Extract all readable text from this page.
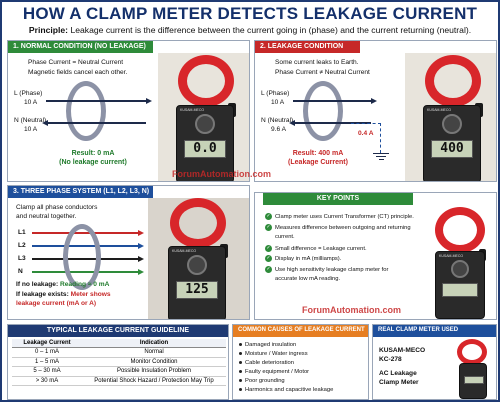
HOW A CLAMP METER DETECTS LEAKAGE CURRENT
Principle: Leakage current is the difference between the current going in (phase) and the current returning (neutral).
1. NORMAL CONDITION (NO LEAKAGE)
Phase Current = Neutral Current
Magnetic fields cancel each other.
L (Phase)
10 A
N (Neutral)
10 A
Result: 0 mA
(No leakage current)
KUSAM-MECO
0.0
2. LEAKAGE CONDITION
Some current leaks to Earth.
Phase Current ≠ Neutral Current
L (Phase)
10 A
N (Neutral)
9.6 A
0.4 A
Result: 400 mA
(Leakage Current)
KUSAM-MECO
400
ForumAutomation.com
3. THREE PHASE SYSTEM (L1, L2, L3, N)
Clamp all phase conductors
and neutral together.
L1
L2
L3
N
If no leakage: Reading ≈ 0 mA
If leakage exists: Meter shows
leakage current (mA or A)
KUSAM-MECO
125
KEY POINTS
✓ Clamp meter uses Current Transformer (CT) principle.
✓ Measures difference between outgoing and returning
current.
✓ Small difference = Leakage current.
✓ Display in mA (milliamps).
✓ Use high sensitivity leakage clamp meter for
accurate low mA reading.
KUSAM-MECO
ForumAutomation.com
TYPICAL LEAKAGE CURRENT GUIDELINE
Leakage Current	Indication
0 – 1 mA	Normal
1 – 5 mA	Monitor Condition
5 – 30 mA	Possible Insulation Problem
> 30 mA	Potential Shock Hazard / Protection May Trip
COMMON CAUSES OF LEAKAGE CURRENT
Damaged insulation
Moisture / Water ingress
Cable deterioration
Faulty equipment / Motor
Poor grounding
Harmonics and capacitive leakage
REAL CLAMP METER USED
KUSAM-MECO
KC-278
AC Leakage
Clamp Meter
